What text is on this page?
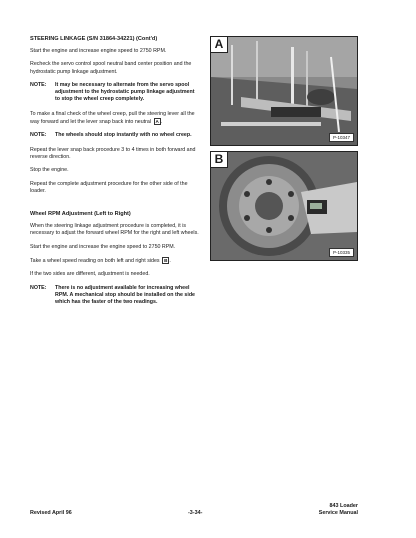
STEERING LINKAGE (S/N 31864-34221) (Cont'd)

Start the engine and increase engine speed to 2750 RPM.

Recheck the servo control spool neutral band center position and the hydrostatic pump linkage adjustment.

NOTE:	It may be necessary to alternate from the servo spool adjustment to the hydrostatic pump linkage adjustment to stop the wheel creep completely.

To make a final check of the wheel creep, pull the steering lever all the way forward and let the lever snap back into neutral A .

NOTE:	The wheels should stop instantly with no wheel creep.

Repeat the lever snap back procedure 3 to 4 times in both forward and reverse direction.

Stop the engine.

Repeat the complete adjustment procedure for the other side of the loader.

Wheel RPM Adjustment (Left to Right)

When the steering linkage adjustment procedure is completed, it is necessary to adjust the forward wheel RPM for the right and left wheels.

Start the engine and increase the engine speed to 2750 RPM.

Take a wheel speed reading on both left and right sides B .

If the two sides are different, adjustment is needed.

NOTE:	There is no adjustment available for increasing wheel RPM. A mechanical stop should be installed on the side which has the faster of the two readings.
A
P-10347
B
P-10335
Revised April 96	-3-34-
843 Loader
Service Manual
